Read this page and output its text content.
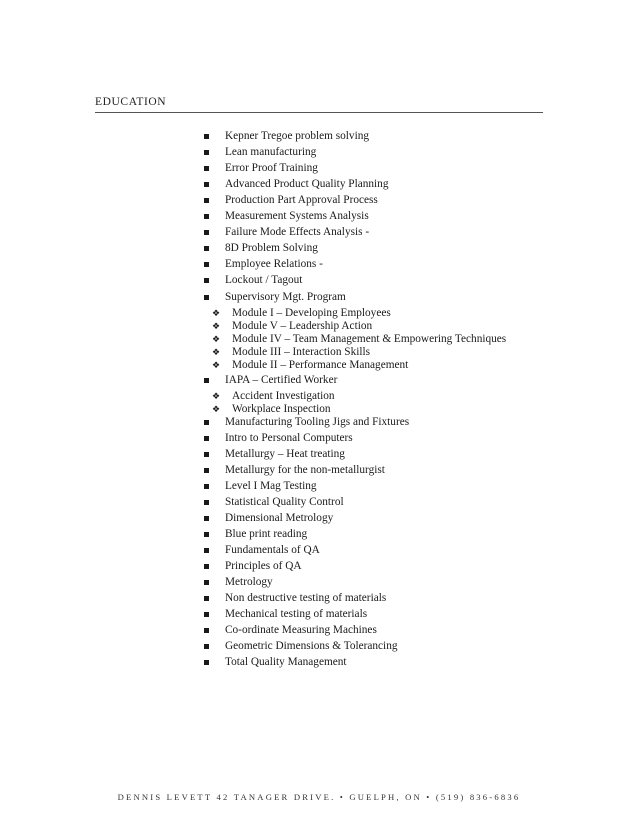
EDUCATION
Kepner Tregoe problem solving
Lean manufacturing
Error Proof Training
Advanced Product Quality Planning
Production Part Approval Process
Measurement Systems Analysis
Failure Mode Effects Analysis -
8D Problem Solving
Employee Relations -
Lockout / Tagout
Supervisory Mgt. Program
❖ Module I – Developing Employees
❖ Module V – Leadership Action
❖ Module IV – Team Management & Empowering Techniques
❖ Module III – Interaction Skills
❖ Module II – Performance Management
IAPA – Certified Worker
❖ Accident Investigation
❖ Workplace Inspection
Manufacturing Tooling Jigs and Fixtures
Intro to Personal Computers
Metallurgy – Heat treating
Metallurgy for the non-metallurgist
Level I Mag Testing
Statistical Quality Control
Dimensional Metrology
Blue print reading
Fundamentals of QA
Principles of QA
Metrology
Non destructive testing of materials
Mechanical testing of materials
Co-ordinate Measuring Machines
Geometric Dimensions & Tolerancing
Total Quality Management
DENNIS LEVETT 42 TANAGER DRIVE. • GUELPH, ON • (519) 836-6836
